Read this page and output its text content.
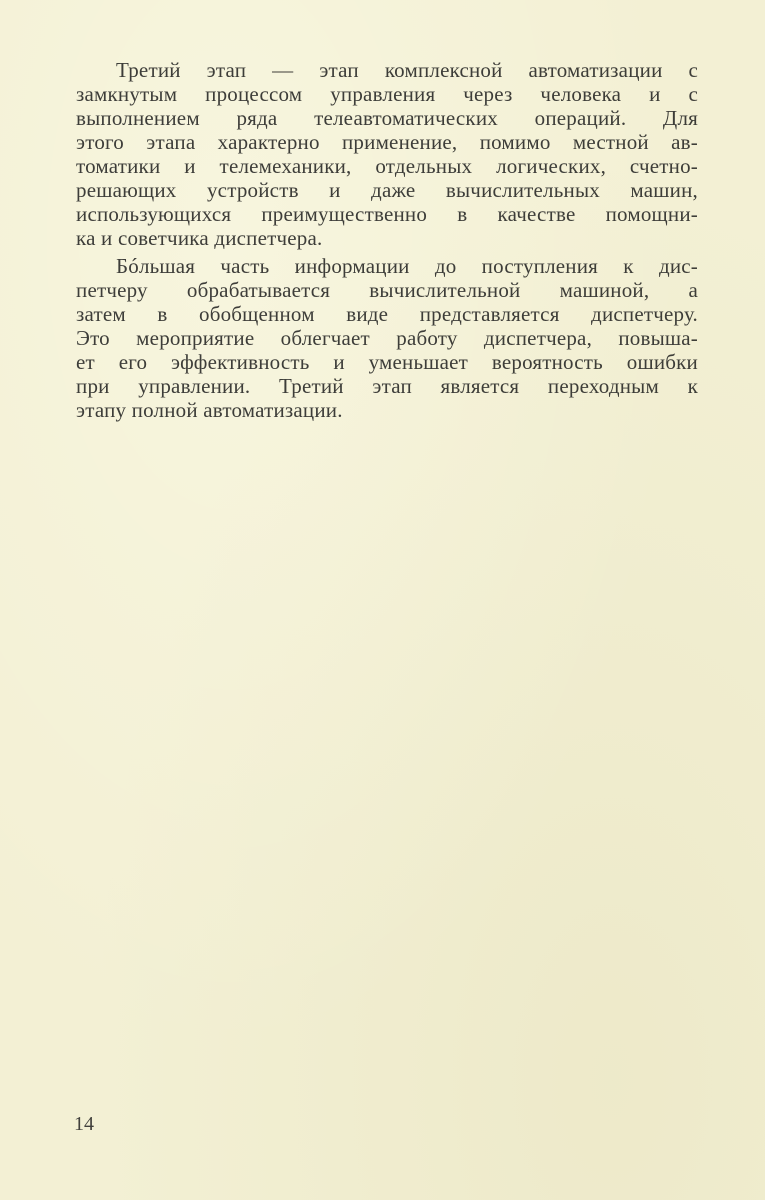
Третий этап — этап комплексной автоматизации с
замкнутым процессом управления через человека и с
выполнением ряда телеавтоматических операций. Для
этого этапа характерно применение, помимо местной ав-
томатики и телемеханики, отдельных логических, счетно-
решающих устройств и даже вычислительных машин,
использующихся преимущественно в качестве помощни-
ка и советчика диспетчера.
Бóльшая часть информации до поступления к дис-
петчеру обрабатывается вычислительной машиной, а
затем в обобщенном виде представляется диспетчеру.
Это мероприятие облегчает работу диспетчера, повыша-
ет его эффективность и уменьшает вероятность ошибки
при управлении. Третий этап является переходным к
этапу полной автоматизации.
14
